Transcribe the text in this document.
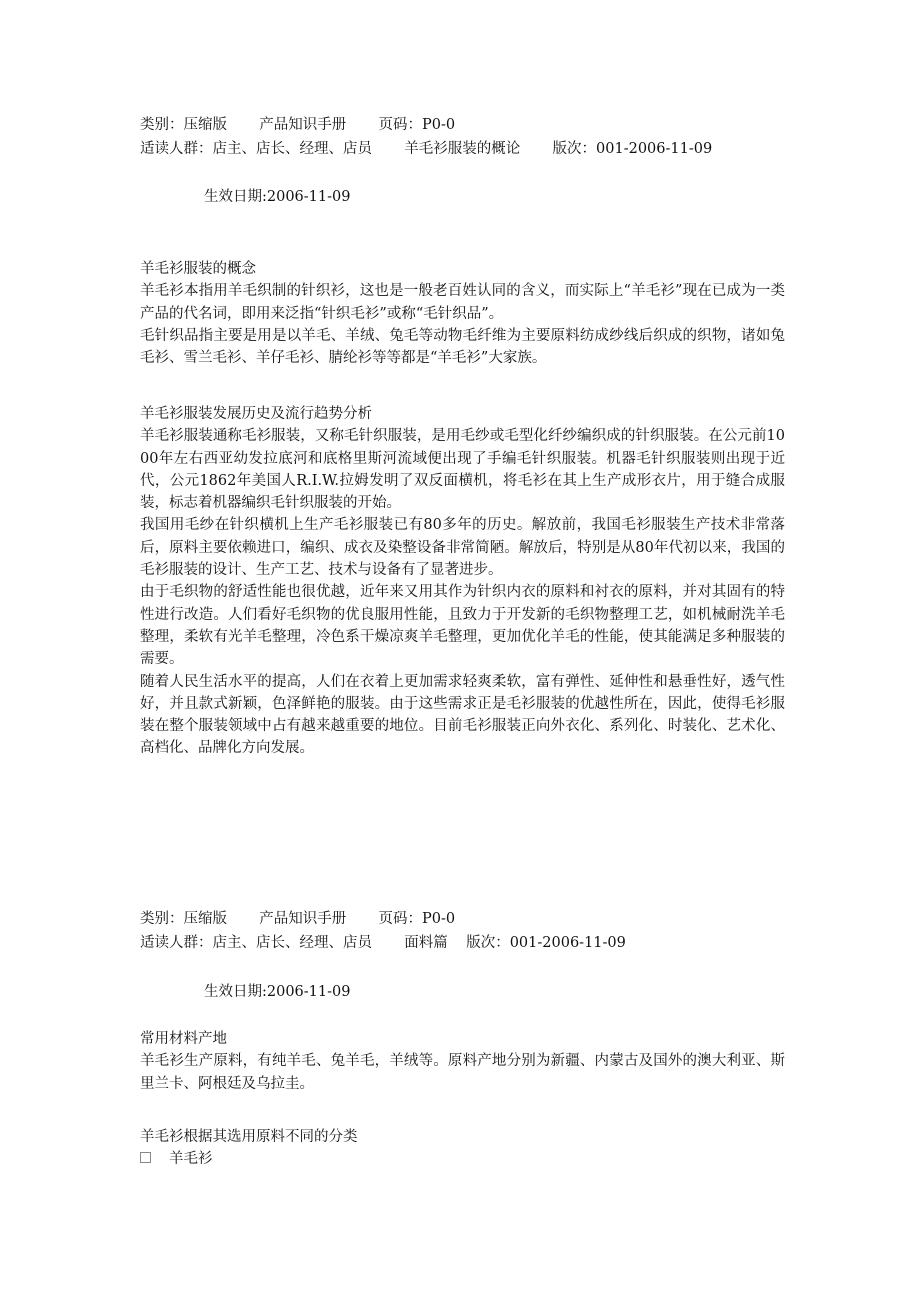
类别：压缩版       产品知识手册       页码：P0-0
适读人群：店主、店长、经理、店员       羊毛衫服装的概论       版次：001-2006-11-09
生效日期:2006-11-09

羊毛衫服装的概念

羊毛衫本指用羊毛织制的针织衫，这也是一般老百姓认同的含义，而实际上“羊毛衫”现在已成为一类产品的代名词，即用来泛指“针织毛衫”或称“毛针织品”。

毛针织品指主要是用是以羊毛、羊绒、兔毛等动物毛纤维为主要原料纺成纱线后织成的织物，诸如兔毛衫、雪兰毛衫、羊仔毛衫、腈纶衫等等都是“羊毛衫”大家族。

羊毛衫服装发展历史及流行趋势分析

羊毛衫服装通称毛衫服装，又称毛针织服装，是用毛纱或毛型化纤纱编织成的针织服装。在公元前1000年左右西亚幼发拉底河和底格里斯河流域便出现了手编毛针织服装。机器毛针织服装则出现于近代，公元1862年美国人R.I.W.拉姆发明了双反面横机，将毛衫在其上生产成形衣片，用于缝合成服装，标志着机器编织毛针织服装的开始。

我国用毛纱在针织横机上生产毛衫服装已有80多年的历史。解放前，我国毛衫服装生产技术非常落后，原料主要依赖进口，编织、成衣及染整设备非常简陋。解放后，特别是从80年代初以来，我国的毛衫服装的设计、生产工艺、技术与设备有了显著进步。

由于毛织物的舒适性能也很优越，近年来又用其作为针织内衣的原料和衬衣的原料，并对其固有的特性进行改造。人们看好毛织物的优良服用性能，且致力于开发新的毛织物整理工艺，如机械耐洗羊毛整理，柔软有光羊毛整理，冷色系干燥凉爽羊毛整理，更加优化羊毛的性能，使其能满足多种服装的需要。

随着人民生活水平的提高，人们在衣着上更加需求轻爽柔软，富有弹性、延伸性和悬垂性好，透气性好，并且款式新颖，色泽鲜艳的服装。由于这些需求正是毛衫服装的优越性所在，因此，使得毛衫服装在整个服装领域中占有越来越重要的地位。目前毛衫服装正向外衣化、系列化、时装化、艺术化、高档化、品牌化方向发展。

类别：压缩版       产品知识手册       页码：P0-0
适读人群：店主、店长、经理、店员       面料篇    版次：001-2006-11-09
生效日期:2006-11-09

常用材料产地

羊毛衫生产原料，有纯羊毛、兔羊毛，羊绒等。原料产地分别为新疆、内蒙古及国外的澳大利亚、斯里兰卡、阿根廷及乌拉圭。

羊毛衫根据其选用原料不同的分类

羊毛衫
